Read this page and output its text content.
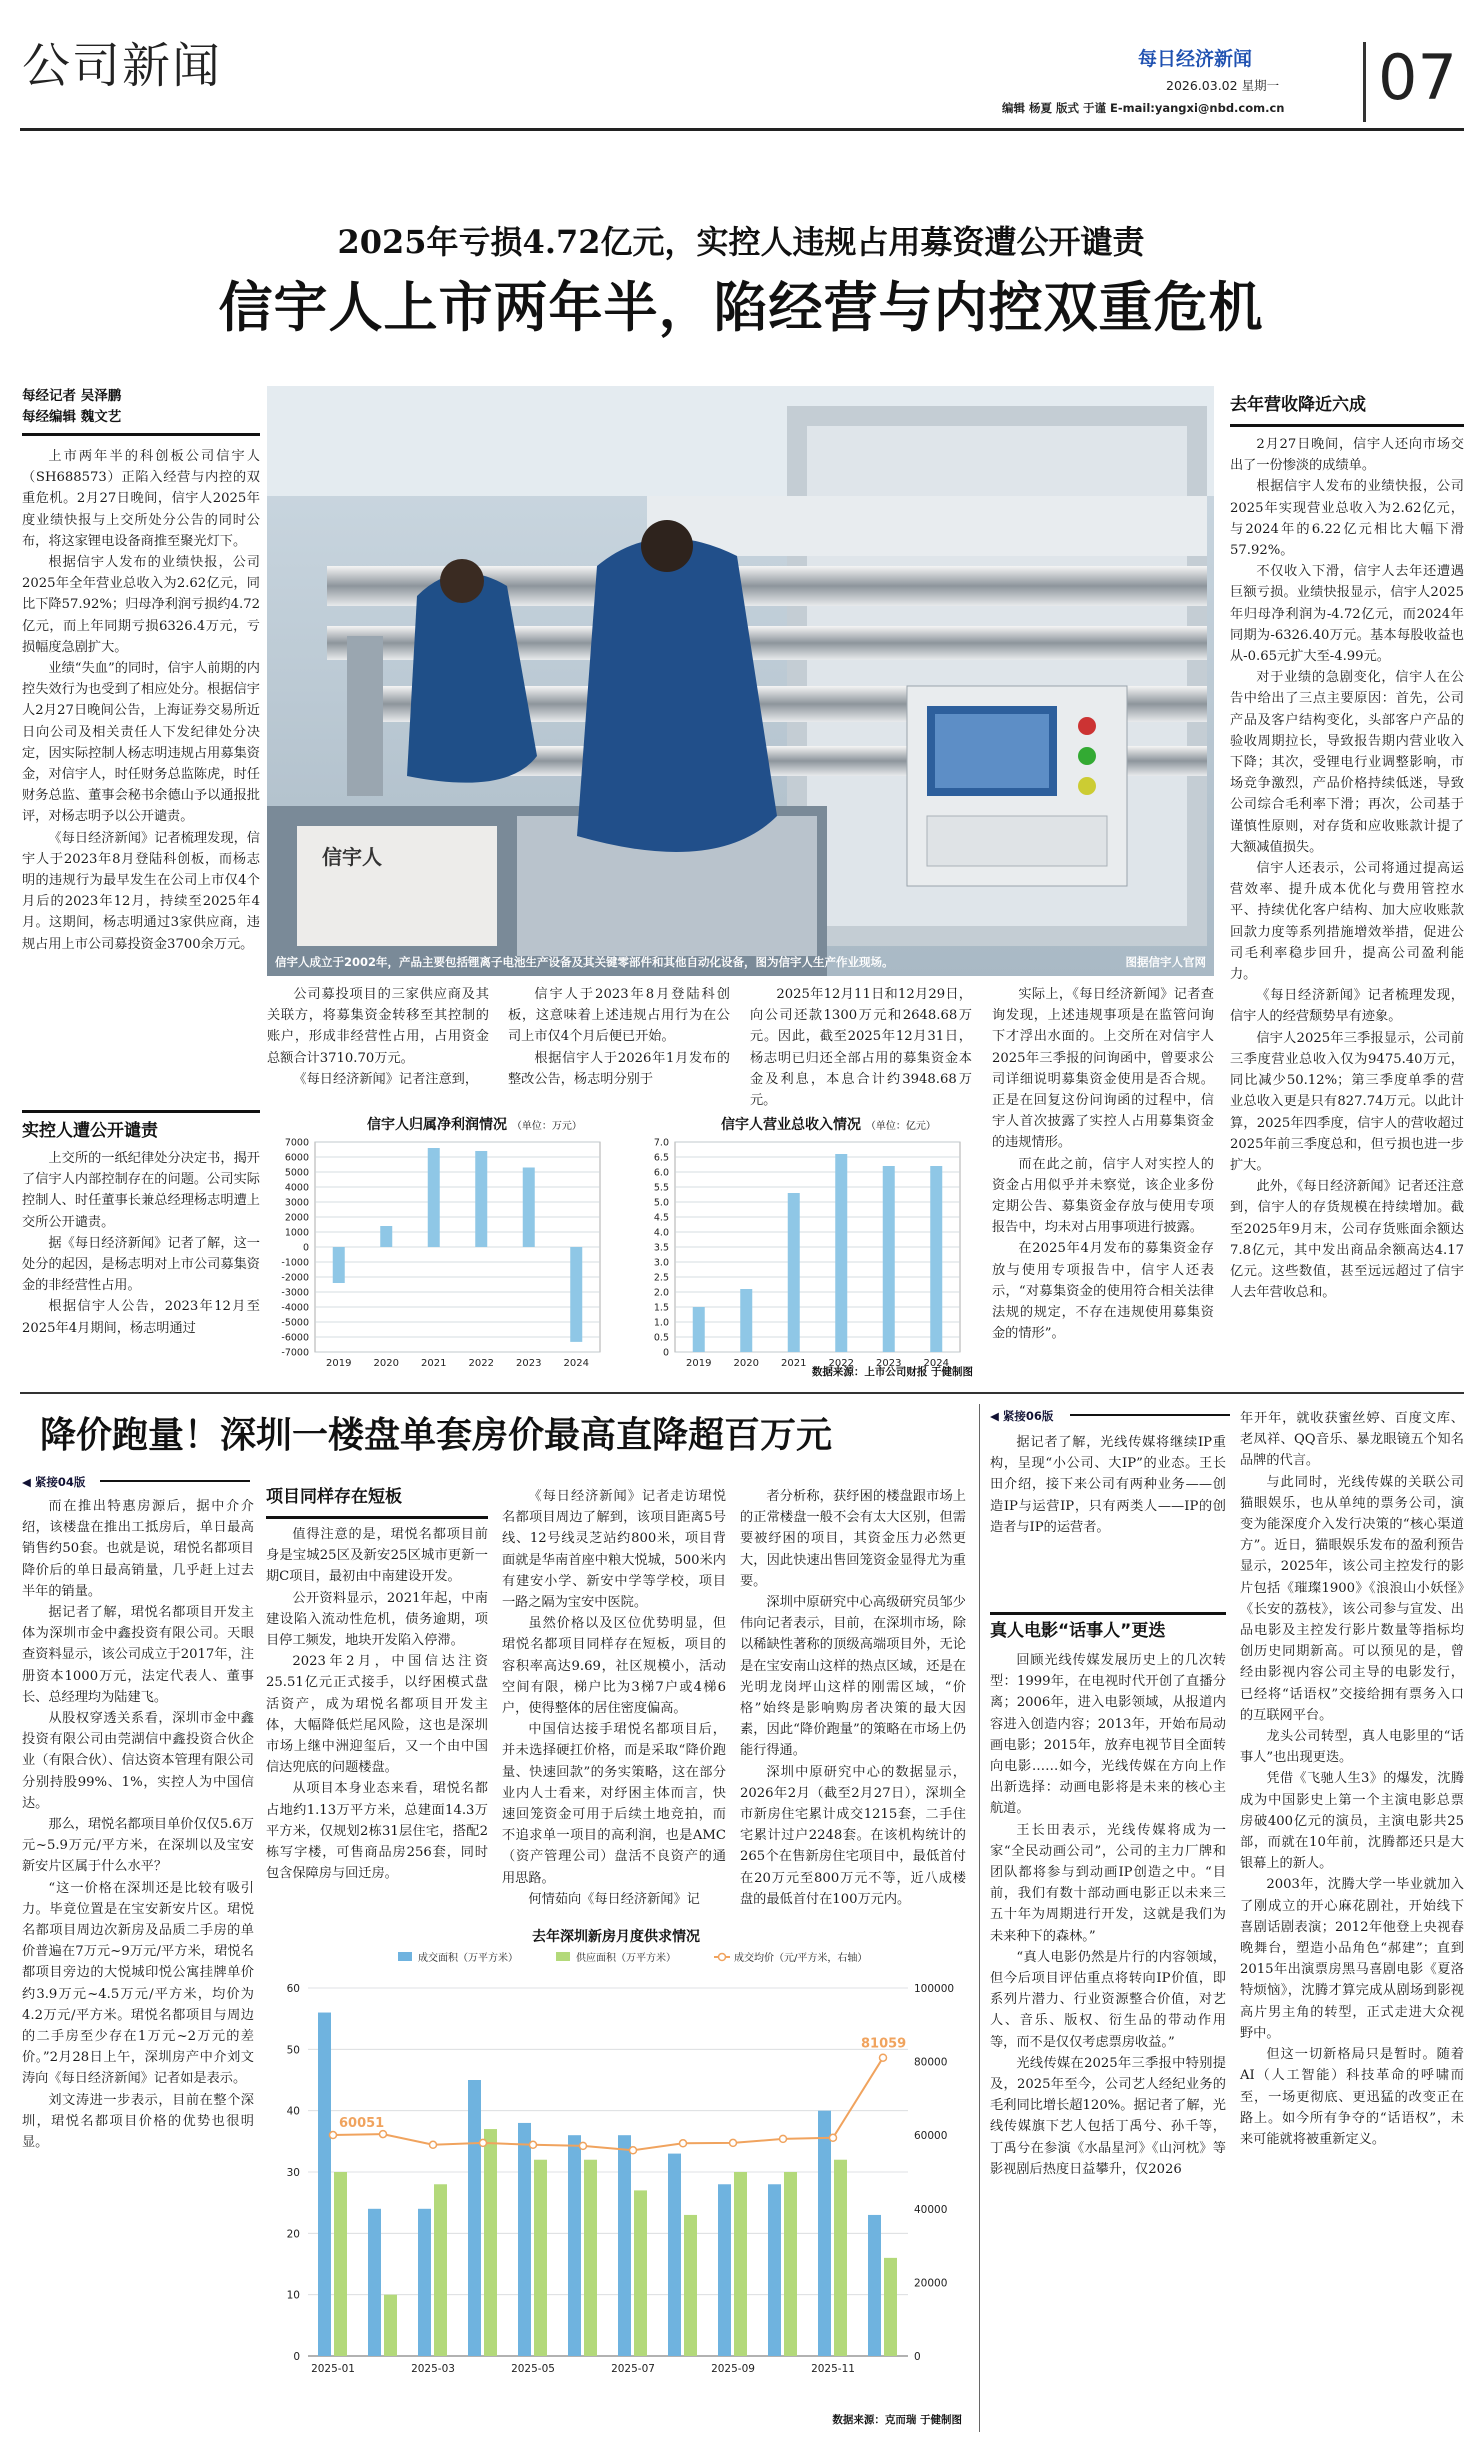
公司新闻	每日经济新闻
2026.03.02 星期一
编辑 杨夏 版式 于谨 E-mail:yangxi@nbd.com.cn 07
2025年亏损4.72亿元，实控人违规占用募资遭公开谴责
信宇人上市两年半，陷经营与内控双重危机
每经记者 吴泽鹏
每经编辑 魏文艺

上市两年半的科创板公司信宇人（SH688573）正陷入经营与内控的双重危机。2月27日晚间，信宇人2025年度业绩快报与上交所处分公告的同时公布，将这家锂电设备商推至聚光灯下。

根据信宇人发布的业绩快报，公司2025年全年营业总收入为2.62亿元，同比下降57.92%；归母净利润亏损约4.72亿元，而上年同期亏损6326.4万元，亏损幅度急剧扩大。

业绩“失血”的同时，信宇人前期的内控失效行为也受到了相应处分。根据信宇人2月27日晚间公告，上海证券交易所近日向公司及相关责任人下发纪律处分决定，因实际控制人杨志明违规占用募集资金，对信宇人，时任财务总监陈虎，时任财务总监、董事会秘书余德山予以通报批评，对杨志明予以公开谴责。

《每日经济新闻》记者梳理发现，信宇人于2023年8月登陆科创板，而杨志明的违规行为最早发生在公司上市仅4个月后的2023年12月，持续至2025年4月。这期间，杨志明通过3家供应商，违规占用上市公司募投资金3700余万元。

实控人遭公开谴责

上交所的一纸纪律处分决定书，揭开了信宇人内部控制存在的问题。公司实际控制人、时任董事长兼总经理杨志明遭上交所公开谴责。

据《每日经济新闻》记者了解，这一处分的起因，是杨志明对上市公司募集资金的非经营性占用。

根据信宇人公告，2023年12月至2025年4月期间，杨志明通过

信宇人
信宇人成立于2002年，产品主要包括锂离子电池生产设备及其关键零部件和其他自动化设备，图为信宇人生产作业现场。	图据信宇人官网
去年营收降近六成

2月27日晚间，信宇人还向市场交出了一份惨淡的成绩单。

根据信宇人发布的业绩快报，公司2025年实现营业总收入为2.62亿元，与2024年的6.22亿元相比大幅下滑57.92%。

不仅收入下滑，信宇人去年还遭遇巨额亏损。业绩快报显示，信宇人2025年归母净利润为-4.72亿元，而2024年同期为-6326.40万元。基本每股收益也从-0.65元扩大至-4.99元。

对于业绩的急剧变化，信宇人在公告中给出了三点主要原因：首先，公司产品及客户结构变化，头部客户产品的验收周期拉长，导致报告期内营业收入下降；其次，受锂电行业调整影响，市场竞争激烈，产品价格持续低迷，导致公司综合毛利率下滑；再次，公司基于谨慎性原则，对存货和应收账款计提了大额减值损失。

信宇人还表示，公司将通过提高运营效率、提升成本优化与费用管控水平、持续优化客户结构、加大应收账款回款力度等系列措施增效举措，促进公司毛利率稳步回升，提高公司盈利能力。

《每日经济新闻》记者梳理发现，信宇人的经营颓势早有迹象。

信宇人2025年三季报显示，公司前三季度营业总收入仅为9475.40万元，同比减少50.12%；第三季度单季的营业总收入更是只有827.74万元。以此计算，2025年四季度，信宇人的营收超过2025年前三季度总和，但亏损也进一步扩大。

此外，《每日经济新闻》记者还注意到，信宇人的存货规模在持续增加。截至2025年9月末，公司存货账面余额达7.8亿元，其中发出商品余额高达4.17亿元。这些数值，甚至远远超过了信宇人去年营收总和。

公司募投项目的三家供应商及其关联方，将募集资金转移至其控制的账户，形成非经营性占用，占用资金总额合计3710.70万元。

《每日经济新闻》记者注意到，

信宇人于2023年8月登陆科创板，这意味着上述违规占用行为在公司上市仅4个月后便已开始。

根据信宇人于2026年1月发布的整改公告，杨志明分别于

2025年12月11日和12月29日，向公司还款1300万元和2648.68万元。因此，截至2025年12月31日，杨志明已归还全部占用的募集资金本金及利息，本息合计约3948.68万元。

实际上，《每日经济新闻》记者查询发现，上述违规事项是在监管问询下才浮出水面的。上交所在对信宇人2025年三季报的问询函中，曾要求公司详细说明募集资金使用是否合规。正是在回复这份问询函的过程中，信宇人首次披露了实控人占用募集资金的违规情形。

而在此之前，信宇人对实控人的资金占用似乎并未察觉，该企业多份定期公告、募集资金存放与使用专项报告中，均未对占用事项进行披露。

在2025年4月发布的募集资金存放与使用专项报告中，信宇人还表示，“对募集资金的使用符合相关法律法规的规定，不存在违规使用募集资金的情形”。

信宇人归属净利润情况 （单位：万元）	信宇人营业总收入情况 （单位：亿元）
7000
6000
5000
4000
3000
2000
1000
0
-1000
-2000
-3000
-4000
-5000
-6000
-7000
2019 2020 2021 2022 2023 2024
7.0
6.5
6.0
5.5
5.0
4.5
4.0
3.5
3.0
2.5
2.0
1.5
1.0
0.5
0
2019 2020 2021 2022 2023 2024
数据来源：上市公司财报 于健制图
降价跑量！深圳一楼盘单套房价最高直降超百万元
◀ 紧接04版

而在推出特惠房源后，据中介介绍，该楼盘在推出工抵房后，单日最高销售约50套。也就是说，珺悦名都项目降价后的单日最高销量，几乎赶上过去半年的销量。

据记者了解，珺悦名都项目开发主体为深圳市金中鑫投资有限公司。天眼查资料显示，该公司成立于2017年，注册资本1000万元，法定代表人、董事长、总经理均为陆建飞。

从股权穿透关系看，深圳市金中鑫投资有限公司由莞湖信中鑫投资合伙企业（有限合伙）、信达资本管理有限公司分别持股99%、1%，实控人为中国信达。

那么，珺悦名都项目单价仅仅5.6万元~5.9万元/平方米，在深圳以及宝安新安片区属于什么水平？

“这一价格在深圳还是比较有吸引力。毕竟位置是在宝安新安片区。珺悦名都项目周边次新房及品质二手房的单价普遍在7万元~9万元/平方米，珺悦名都项目旁边的大悦城印悦公寓挂牌单价约3.9万元~4.5万元/平方米，均价为4.2万元/平方米。珺悦名都项目与周边的二手房至少存在1万元~2万元的差价。”2月28日上午，深圳房产中介刘文涛向《每日经济新闻》记者如是表示。

刘文涛进一步表示，目前在整个深圳，珺悦名都项目价格的优势也很明显。

项目同样存在短板

值得注意的是，珺悦名都项目前身是宝城25区及新安25区城市更新一期C项目，最初由中南建设开发。

公开资料显示，2021年起，中南建设陷入流动性危机，债务逾期，项目停工频发，地块开发陷入停滞。

2023年2月，中国信达注资25.51亿元正式接手，以纾困模式盘活资产，成为珺悦名都项目开发主体，大幅降低烂尾风险，这也是深圳市场上继中洲迎玺后，又一个由中国信达兜底的问题楼盘。

从项目本身业态来看，珺悦名都占地约1.13万平方米，总建面14.3万平方米，仅规划2栋31层住宅，搭配2栋写字楼，可售商品房256套，同时包含保障房与回迁房。

《每日经济新闻》记者走访珺悦名都项目周边了解到，该项目距离5号线、12号线灵芝站约800米，项目背面就是华南首座中粮大悦城，500米内有建安小学、新安中学等学校，项目一路之隔为宝安中医院。

虽然价格以及区位优势明显，但珺悦名都项目同样存在短板，项目的容积率高达9.69，社区规模小，活动空间有限，梯户比为3梯7户或4梯6户，使得整体的居住密度偏高。

中国信达接手珺悦名都项目后，并未选择硬扛价格，而是采取“降价跑量、快速回款”的务实策略，这在部分业内人士看来，对纾困主体而言，快速回笼资金可用于后续土地竞拍，而不追求单一项目的高利润，也是AMC（资产管理公司）盘活不良资产的通用思路。

何情茹向《每日经济新闻》记

者分析称，获纾困的楼盘跟市场上的正常楼盘一般不会有太大区别，但需要被纾困的项目，其资金压力必然更大，因此快速出售回笼资金显得尤为重要。

深圳中原研究中心高级研究员邹少伟向记者表示，目前，在深圳市场，除以稀缺性著称的顶级高端项目外，无论是在宝安南山这样的热点区域，还是在光明龙岗坪山这样的刚需区域，“价格”始终是影响购房者决策的最大因素，因此“降价跑量”的策略在市场上仍能行得通。

深圳中原研究中心的数据显示，2026年2月（截至2月27日），深圳全市新房住宅累计成交1215套，二手住宅累计过户2248套。在该机构统计的265个在售新房住宅项目中，最低首付在20万元至800万元不等，近八成楼盘的最低首付在100万元内。

去年深圳新房月度供求情况
成交面积（万平方米）	供应面积（万平方米）	成交均价（元/平方米，右轴）
60
50
40
30
20
10
0
100000
80000
60000
40000
20000
0
60051
81059
2025-01	2025-03	2025-05	2025-07	2025-09	2025-11
数据来源：克而瑞 于健制图
◀ 紧接06版

据记者了解，光线传媒将继续IP重构，呈现“小公司、大IP”的业态。王长田介绍，接下来公司有两种业务——创造IP与运营IP，只有两类人——IP的创造者与IP的运营者。

真人电影“话事人”更迭

回顾光线传媒发展历史上的几次转型：1999年，在电视时代开创了直播分离；2006年，进入电影领域，从报道内容进入创造内容；2013年，开始布局动画电影；2015年，放弃电视节目全面转向电影……如今，光线传媒在方向上作出新选择：动画电影将是未来的核心主航道。

王长田表示，光线传媒将成为一家“全民动画公司”，公司的主力厂牌和团队都将参与到动画IP创造之中。“目前，我们有数十部动画电影正以未来三五十年为周期进行开发，这就是我们为未来种下的森林。”

“真人电影仍然是片行的内容领域，但今后项目评估重点将转向IP价值，即系列片潜力、行业资源整合价值，对艺人、音乐、版权、衍生品的带动作用等，而不是仅仅考虑票房收益。”

光线传媒在2025年三季报中特别提及，2025年至今，公司艺人经纪业务的毛利同比增长超120%。据记者了解，光线传媒旗下艺人包括丁禹兮、孙千等，丁禹兮在参演《水晶星河》《山河枕》等影视剧后热度日益攀升，仅2026

年开年，就收获蜜丝婷、百度文库、老凤祥、QQ音乐、暴龙眼镜五个知名品牌的代言。

与此同时，光线传媒的关联公司猫眼娱乐，也从单纯的票务公司，演变为能深度介入发行决策的“核心渠道方”。近日，猫眼娱乐发布的盈利预告显示，2025年，该公司主控发行的影片包括《璀璨1900》《浪浪山小妖怪》《长安的荔枝》，该公司参与宣发、出品电影及主控发行影片数量等指标均创历史同期新高。可以预见的是，曾经由影视内容公司主导的电影发行，已经将“话语权”交接给拥有票务入口的互联网平台。

龙头公司转型，真人电影里的“话事人”也出现更迭。

凭借《飞驰人生3》的爆发，沈腾成为中国影史上第一个主演电影总票房破400亿元的演员，主演电影共25部，而就在10年前，沈腾都还只是大银幕上的新人。

2003年，沈腾大学一毕业就加入了刚成立的开心麻花剧社，开始线下喜剧话剧表演；2012年他登上央视春晚舞台，塑造小品角色“郝建”；直到2015年出演票房黑马喜剧电影《夏洛特烦恼》，沈腾才算完成从剧场到影视高片男主角的转型，正式走进大众视野中。

但这一切新格局只是暂时。随着AI（人工智能）科技革命的呼啸而至，一场更彻底、更迅猛的改变正在路上。如今所有争夺的“话语权”，未来可能就将被重新定义。
